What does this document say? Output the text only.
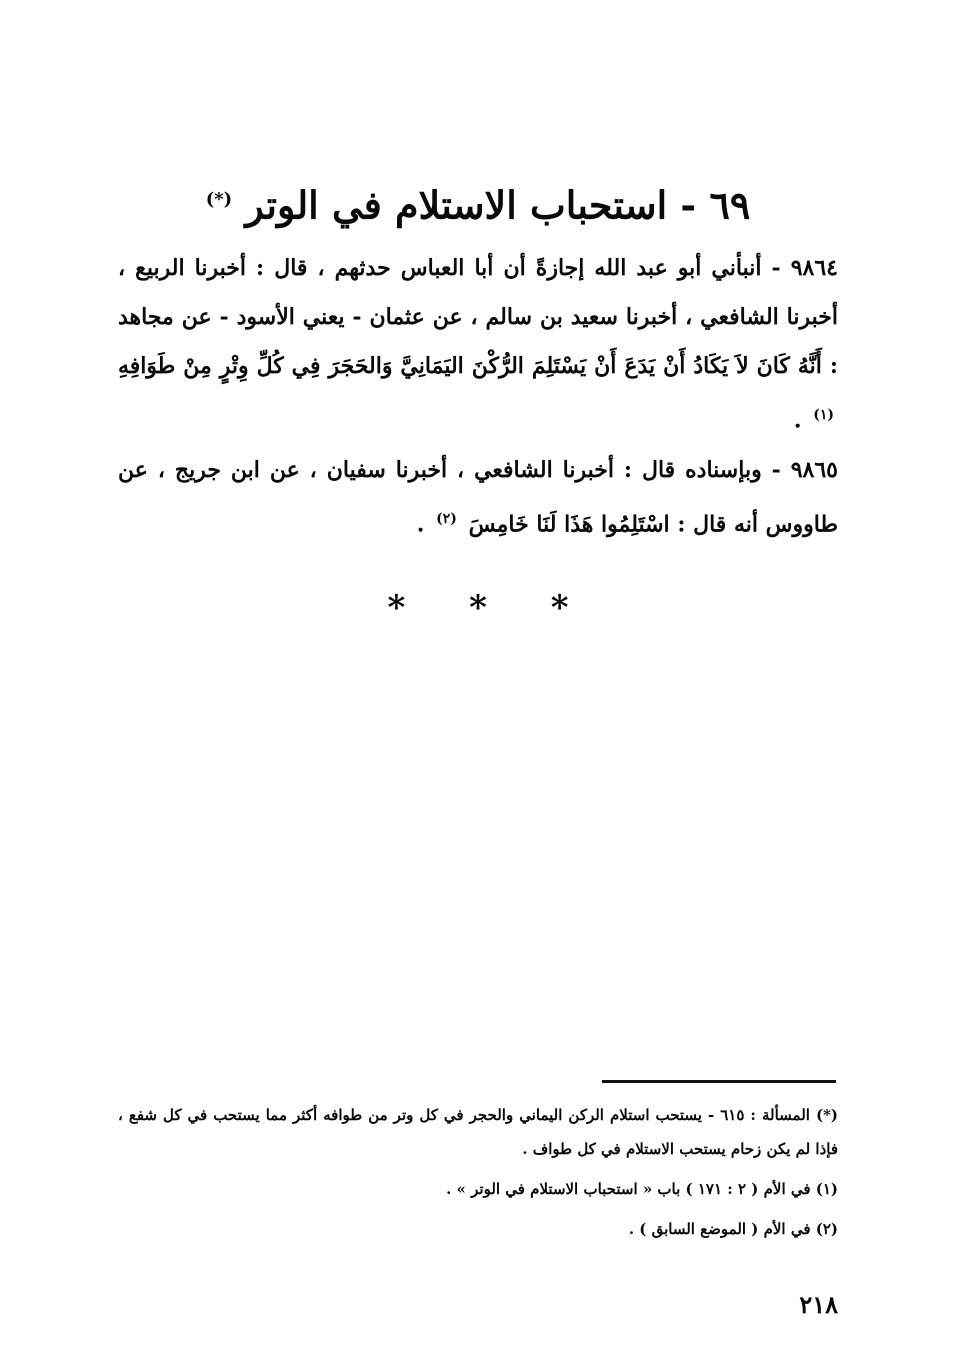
٦٩ - استحباب الاستلام في الوتر (*)

٩٨٦٤ - أنبأني أبو عبد الله إجازةً أن أبا العباس حدثهم ، قال : أخبرنا الربيع ، أخبرنا الشافعي ، أخبرنا سعيد بن سالم ، عن عثمان - يعني الأسود - عن مجاهد : أَنَّهُ كَانَ لاَ يَكَادُ أَنْ يَدَعَ أَنْ يَسْتَلِمَ الرُّكْنَ اليَمَانِيَّ وَالحَجَرَ فِي كُلِّ وِتْرٍ مِنْ طَوَافِهِ $^{(١)}$ .

٩٨٦٥ - وبإسناده قال : أخبرنا الشافعي ، أخبرنا سفيان ، عن ابن جريج ، عن طاووس أنه قال : اسْتَلِمُوا هَذَا لَنَا خَامِسَ $^{(٢)}$ .

* * *

(*) المسألة : ٦١٥ - يستحب استلام الركن اليماني والحجر في كل وتر من طوافه أكثر مما يستحب في كل شفع ، فإذا لم يكن زحام يستحب الاستلام في كل طواف .

(١) في الأم ( ٢ : ١٧١ ) باب « استحباب الاستلام في الوتر » .

(٢) في الأم ( الموضع السابق ) .

٢١٨
